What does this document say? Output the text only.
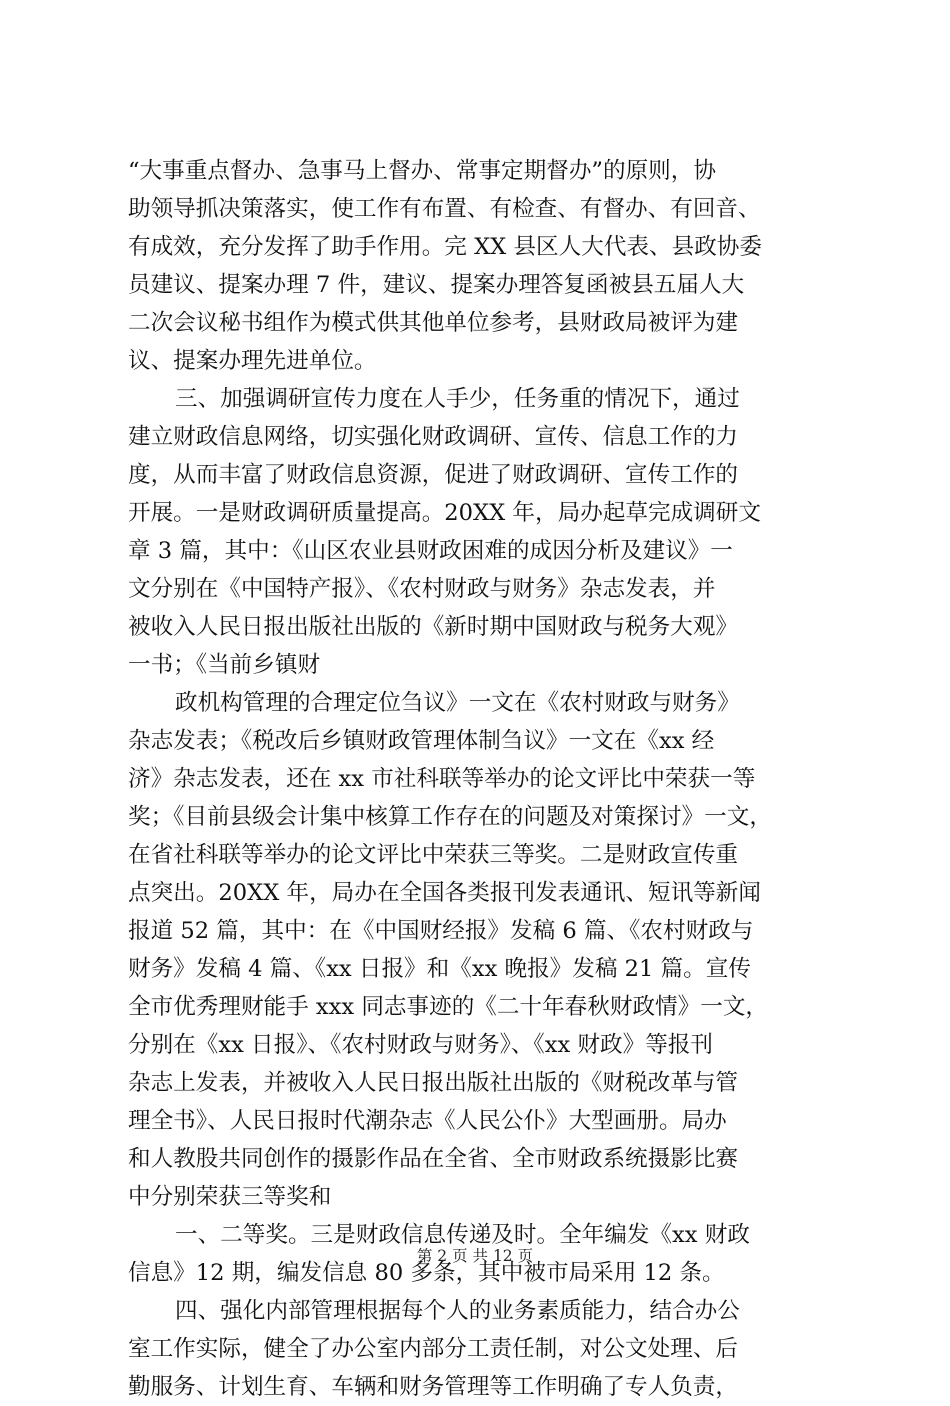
“大事重点督办、急事马上督办、常事定期督办”的原则，协
助领导抓决策落实，使工作有布置、有检查、有督办、有回音、
有成效，充分发挥了助手作用。完 XX 县区人大代表、县政协委
员建议、提案办理 7 件，建议、提案办理答复函被县五届人大
二次会议秘书组作为模式供其他单位参考，县财政局被评为建
议、提案办理先进单位。
三、加强调研宣传力度在人手少，任务重的情况下，通过
建立财政信息网络，切实强化财政调研、宣传、信息工作的力
度，从而丰富了财政信息资源，促进了财政调研、宣传工作的
开展。一是财政调研质量提高。20XX 年，局办起草完成调研文
章 3 篇，其中：《山区农业县财政困难的成因分析及建议》一
文分别在《中国特产报》、《农村财政与财务》杂志发表，并
被收入人民日报出版社出版的《新时期中国财政与税务大观》
一书；《当前乡镇财
政机构管理的合理定位刍议》一文在《农村财政与财务》
杂志发表；《税改后乡镇财政管理体制刍议》一文在《xx 经
济》杂志发表，还在 xx 市社科联等举办的论文评比中荣获一等
奖；《目前县级会计集中核算工作存在的问题及对策探讨》一文，
在省社科联等举办的论文评比中荣获三等奖。二是财政宣传重
点突出。20XX 年，局办在全国各类报刊发表通讯、短讯等新闻
报道 52 篇，其中：在《中国财经报》发稿 6 篇、《农村财政与
财务》发稿 4 篇、《xx 日报》和《xx 晚报》发稿 21 篇。宣传
全市优秀理财能手 xxx 同志事迹的《二十年春秋财政情》一文，
分别在《xx 日报》、《农村财政与财务》、《xx 财政》等报刊
杂志上发表，并被收入人民日报出版社出版的《财税改革与管
理全书》、人民日报时代潮杂志《人民公仆》大型画册。局办
和人教股共同创作的摄影作品在全省、全市财政系统摄影比赛
中分别荣获三等奖和
一、二等奖。三是财政信息传递及时。全年编发《xx 财政
信息》12 期，编发信息 80 多条，其中被市局采用 12 条。
四、强化内部管理根据每个人的业务素质能力，结合办公
室工作实际，健全了办公室内部分工责任制，对公文处理、后
勤服务、计划生育、车辆和财务管理等工作明确了专人负责，
第 2 页 共 12 页
